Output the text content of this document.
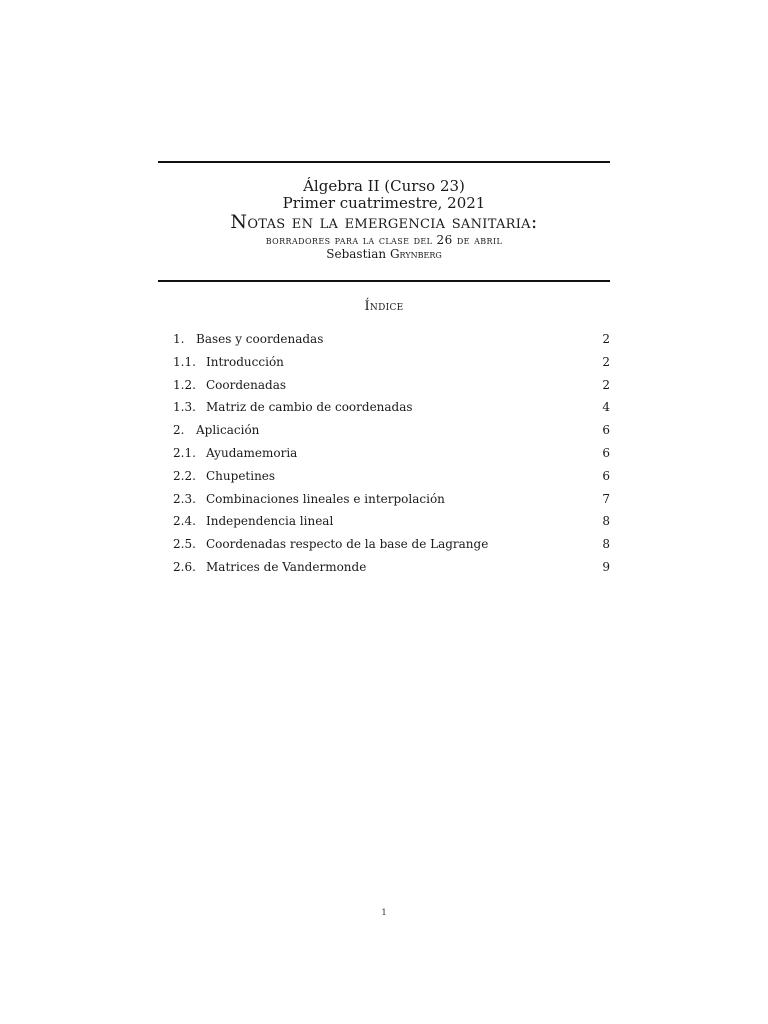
Álgebra II (Curso 23)
Primer cuatrimestre, 2021
Notas en la emergencia sanitaria:
borradores para la clase del 26 de abril
Sebastian Grynberg
Índice
1. Bases y coordenadas	2
1.1. Introducción	2
1.2. Coordenadas	2
1.3. Matriz de cambio de coordenadas	4
2. Aplicación	6
2.1. Ayudamemoria	6
2.2. Chupetines	6
2.3. Combinaciones lineales e interpolación	7
2.4. Independencia lineal	8
2.5. Coordenadas respecto de la base de Lagrange	8
2.6. Matrices de Vandermonde	9
1
